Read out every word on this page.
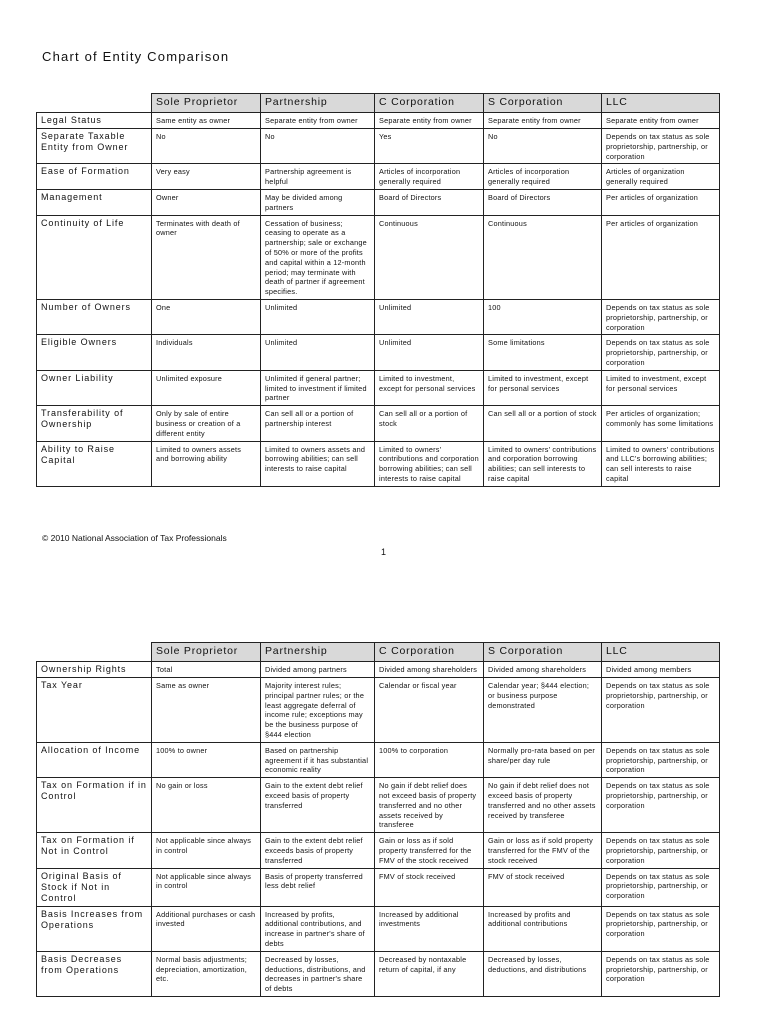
Chart of Entity Comparison
	Sole Proprietor	Partnership	C Corporation	S Corporation	LLC
Legal Status	Same entity as owner	Separate entity from owner	Separate entity from owner	Separate entity from owner	Separate entity from owner
Separate Taxable Entity from Owner	No	No	Yes	No	Depends on tax status as sole proprietorship, partnership, or corporation
Ease of Formation	Very easy	Partnership agreement is helpful	Articles of incorporation generally required	Articles of incorporation generally required	Articles of organization generally required
Management	Owner	May be divided among partners	Board of Directors	Board of Directors	Per articles of organization
Continuity of Life	Terminates with death of owner	Cessation of business; ceasing to operate as a partnership; sale or exchange of 50% or more of the profits and capital within a 12-month period; may terminate with death of partner if agreement specifies.	Continuous	Continuous	Per articles of organization
Number of Owners	One	Unlimited	Unlimited	100	Depends on tax status as sole proprietorship, partnership, or corporation
Eligible Owners	Individuals	Unlimited	Unlimited	Some limitations	Depends on tax status as sole proprietorship, partnership, or corporation
Owner Liability	Unlimited exposure	Unlimited if general partner; limited to investment if limited partner	Limited to investment, except for personal services	Limited to investment, except for personal services	Limited to investment, except for personal services
Transferability of Ownership	Only by sale of entire business or creation of a different entity	Can sell all or a portion of partnership interest	Can sell all or a portion of stock	Can sell all or a portion of stock	Per articles of organization; commonly has some limitations
Ability to Raise Capital	Limited to owners assets and borrowing ability	Limited to owners assets and borrowing abilities; can sell interests to raise capital	Limited to owners' contributions and corporation borrowing abilities; can sell interests to raise capital	Limited to owners' contributions and corporation borrowing abilities; can sell interests to raise capital	Limited to owners' contributions and LLC's borrowing abilities; can sell interests to raise capital
© 2010 National Association of Tax Professionals
1
	Sole Proprietor	Partnership	C Corporation	S Corporation	LLC
Ownership Rights	Total	Divided among partners	Divided among shareholders	Divided among shareholders	Divided among members
Tax Year	Same as owner	Majority interest rules; principal partner rules; or the least aggregate deferral of income rule; exceptions may be the business purpose of §444 election	Calendar or fiscal year	Calendar year; §444 election; or business purpose demonstrated	Depends on tax status as sole proprietorship, partnership, or corporation
Allocation of Income	100% to owner	Based on partnership agreement if it has substantial economic reality	100% to corporation	Normally pro-rata based on per share/per day rule	Depends on tax status as sole proprietorship, partnership, or corporation
Tax on Formation if in Control	No gain or loss	Gain to the extent debt relief exceed basis of property transferred	No gain if debt relief does not exceed basis of property transferred and no other assets received by transferee	No gain if debt relief does not exceed basis of property transferred and no other assets received by transferee	Depends on tax status as sole proprietorship, partnership, or corporation
Tax on Formation if Not in Control	Not applicable since always in control	Gain to the extent debt relief exceeds basis of property transferred	Gain or loss as if sold property transferred for the FMV of the stock received	Gain or loss as if sold property transferred for the FMV of the stock received	Depends on tax status as sole proprietorship, partnership, or corporation
Original Basis of Stock if Not in Control	Not applicable since always in control	Basis of property transferred less debt relief	FMV of stock received	FMV of stock received	Depends on tax status as sole proprietorship, partnership, or corporation
Basis Increases from Operations	Additional purchases or cash invested	Increased by profits, additional contributions, and increase in partner's share of debts	Increased by additional investments	Increased by profits and additional contributions	Depends on tax status as sole proprietorship, partnership, or corporation
Basis Decreases from Operations	Normal basis adjustments; depreciation, amortization, etc.	Decreased by losses, deductions, distributions, and decreases in partner's share of debts	Decreased by nontaxable return of capital, if any	Decreased by losses, deductions, and distributions	Depends on tax status as sole proprietorship, partnership, or corporation
